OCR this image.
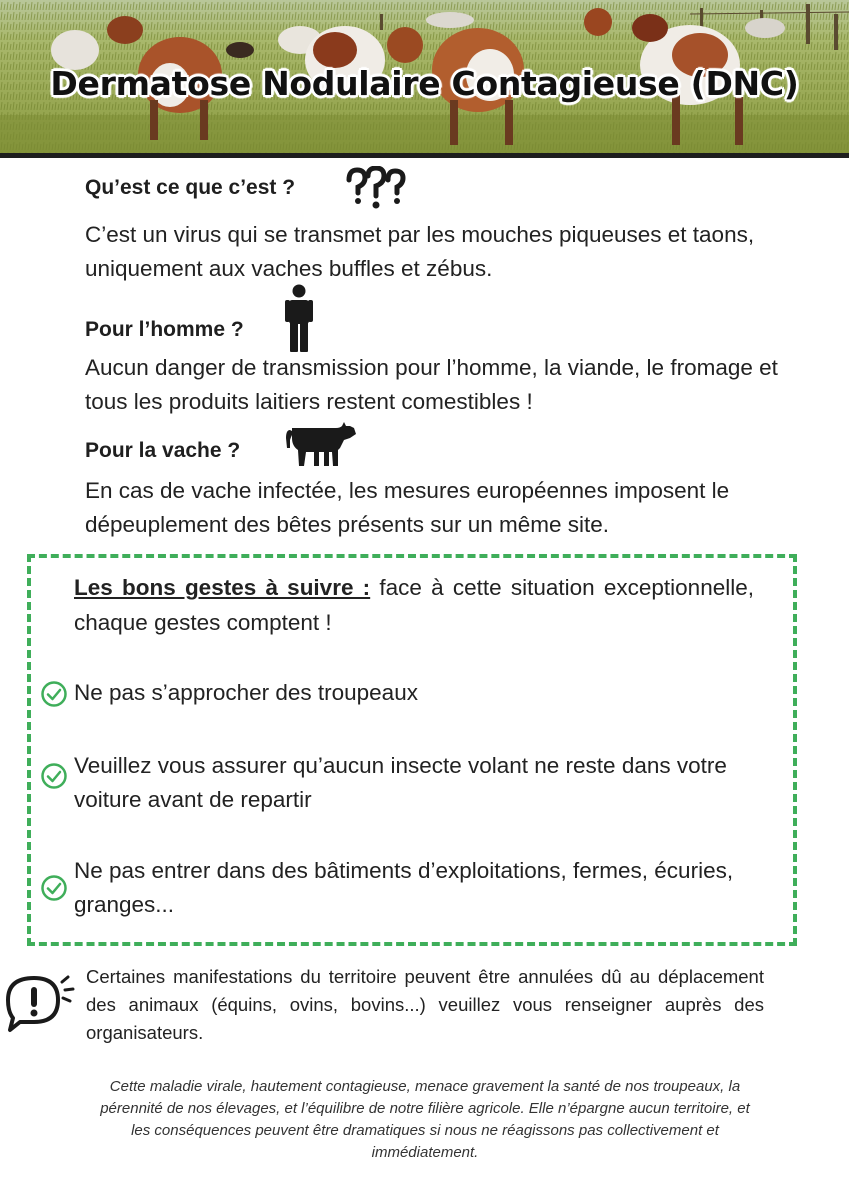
Dermatose Nodulaire Contagieuse (DNC)
Qu’est ce que c’est ?
C’est un virus qui se transmet par les mouches piqueuses et taons, uniquement aux vaches buffles et zébus.
Pour l’homme ?
Aucun danger de transmission pour l’homme, la viande, le fromage et tous les produits laitiers restent comestibles !
Pour la vache ?
En cas de vache infectée, les mesures européennes imposent le dépeuplement des bêtes présents sur un même site.
Les bons gestes à suivre : face à cette situation exceptionnelle, chaque gestes comptent !
Ne pas s’approcher des troupeaux
Veuillez vous assurer qu’aucun insecte volant ne reste dans votre voiture avant de repartir
Ne pas entrer dans des bâtiments d’exploitations, fermes, écuries, granges...
Certaines manifestations du territoire peuvent être annulées dû au déplacement des animaux (équins, ovins, bovins...) veuillez vous renseigner auprès des organisateurs.
Cette maladie virale, hautement contagieuse, menace gravement la santé de nos troupeaux, la pérennité de nos élevages, et l’équilibre de notre filière agricole. Elle n’épargne aucun territoire, et les conséquences peuvent être dramatiques si nous ne réagissons pas collectivement et immédiatement.
